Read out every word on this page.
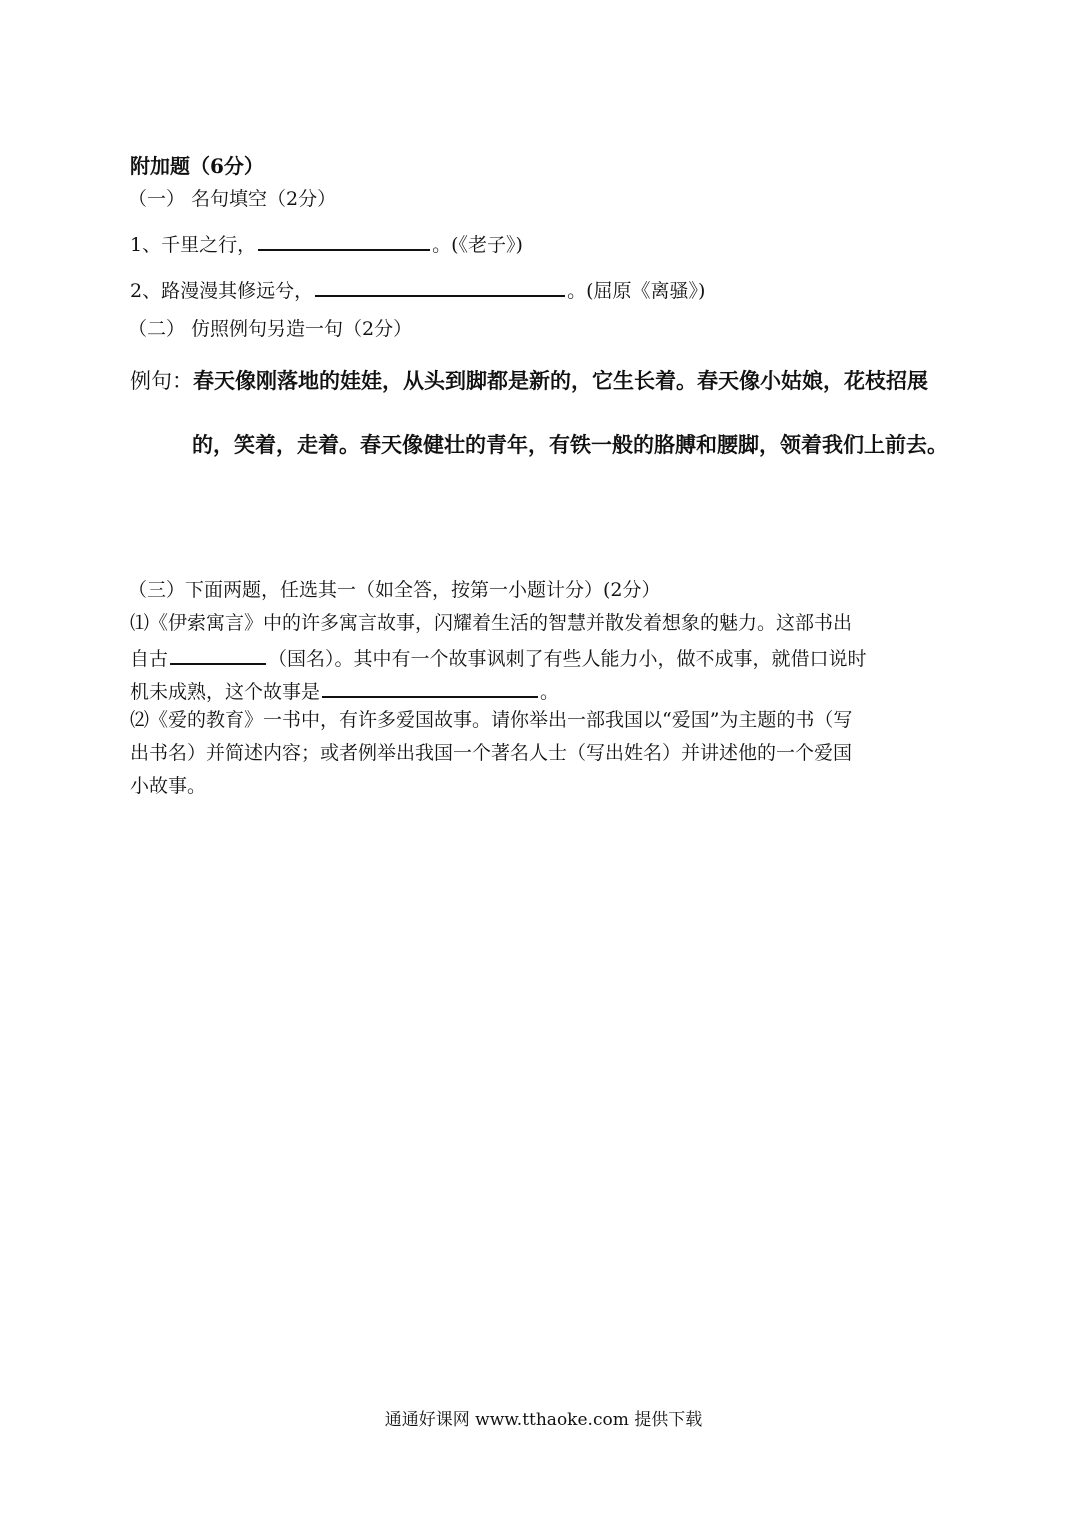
附加题（6分）
（一） 名句填空（2分）
1、千里之行，	。(《老子》)
2、路漫漫其修远兮，	。(屈原《离骚》)
（二） 仿照例句另造一句（2分）
例句：春天像刚落地的娃娃，从头到脚都是新的，它生长着。春天像小姑娘，花枝招展
的，笑着，走着。春天像健壮的青年，有铁一般的胳膊和腰脚，领着我们上前去。
（三）下面两题，任选其一（如全答，按第一小题计分）(2分）
⑴《伊索寓言》中的许多寓言故事，闪耀着生活的智慧并散发着想象的魅力。这部书出
自古	（国名）。其中有一个故事讽刺了有些人能力小，做不成事，就借口说时
机未成熟，这个故事是	。
⑵《爱的教育》一书中，有许多爱国故事。请你举出一部我国以“爱国”为主题的书（写
出书名）并简述内容；或者例举出我国一个著名人士（写出姓名）并讲述他的一个爱国
小故事。
通通好课网 www.tthaoke.com 提供下载
